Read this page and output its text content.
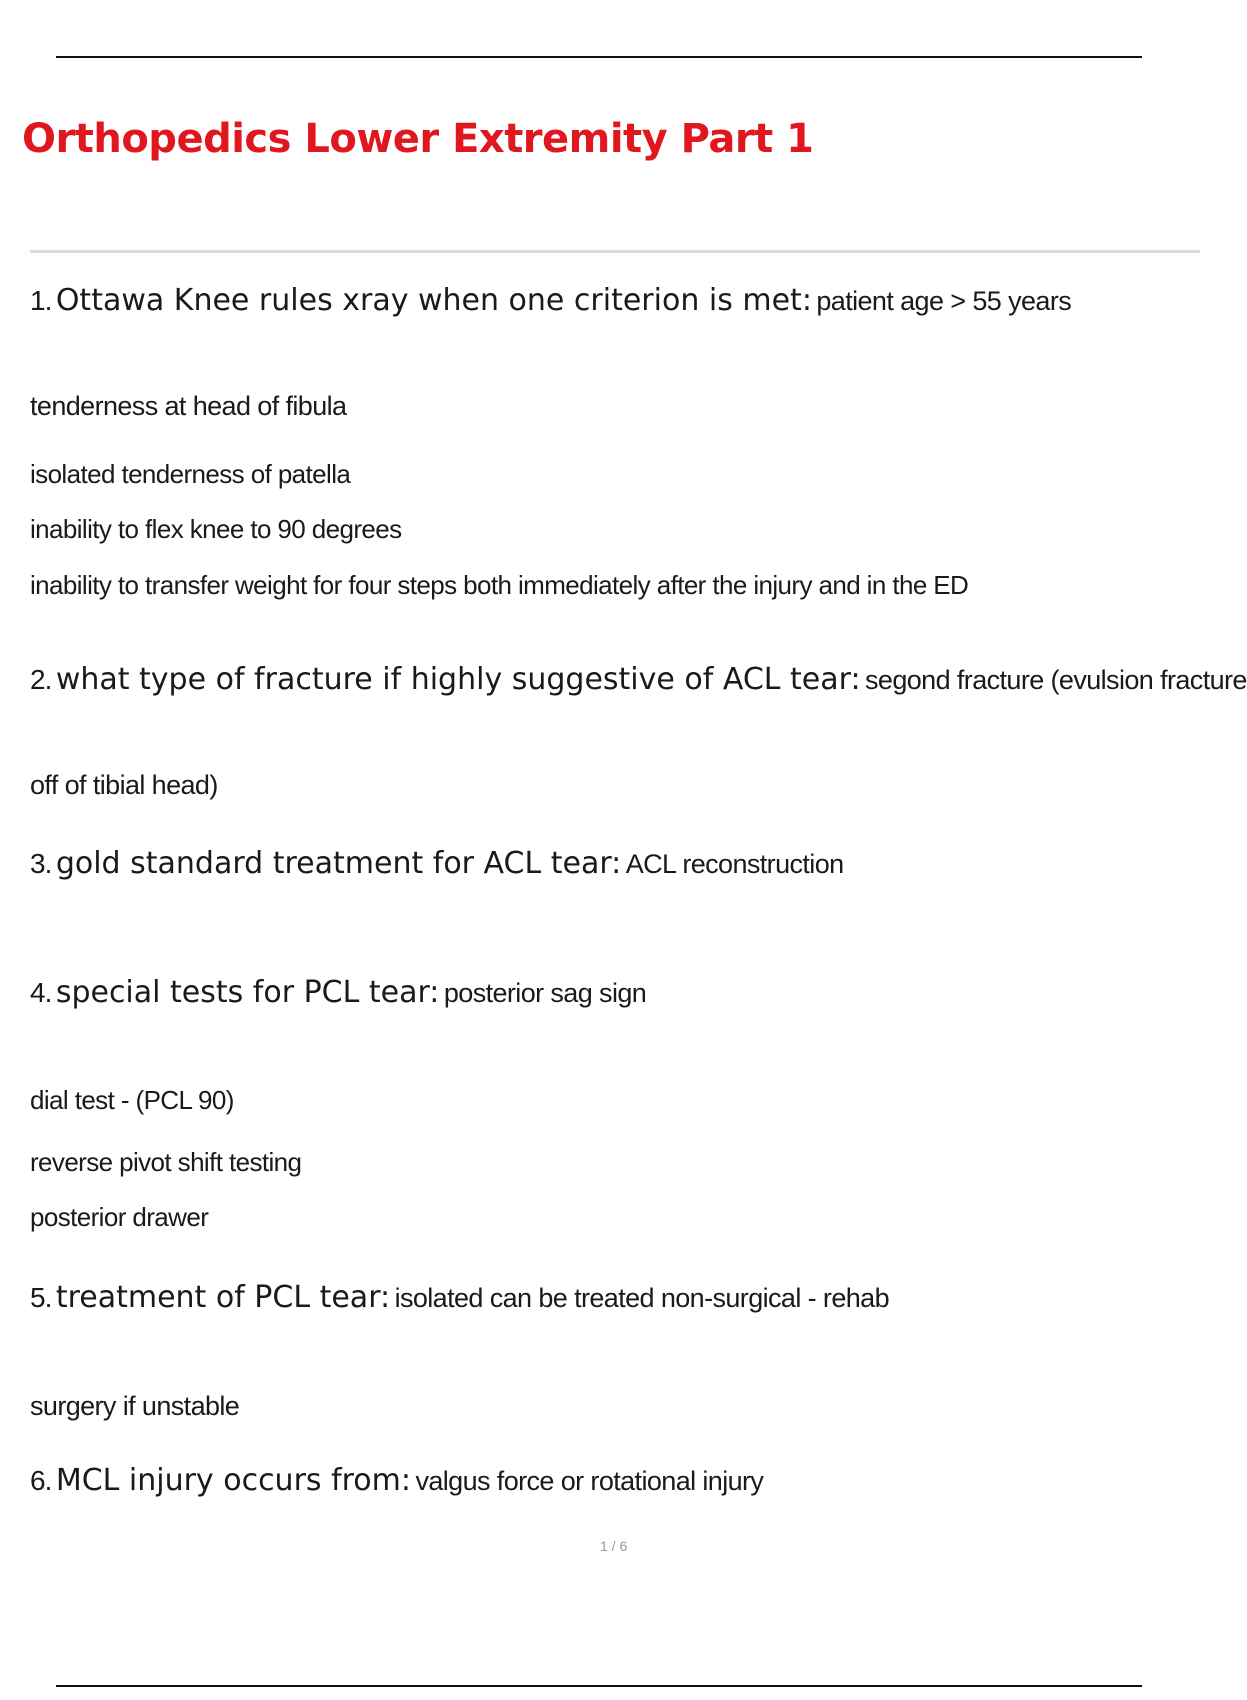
Orthopedics Lower Extremity Part 1
1. Ottawa Knee rules xray when one criterion is met: patient age > 55 years
tenderness at head of fibula
isolated tenderness of patella
inability to flex knee to 90 degrees
inability to transfer weight for four steps both immediately after the injury and in the ED
2. what type of fracture if highly suggestive of ACL tear: segond fracture (evulsion fracture
off of tibial head)
3. gold standard treatment for ACL tear: ACL reconstruction
4. special tests for PCL tear: posterior sag sign
dial test - (PCL 90)
reverse pivot shift testing
posterior drawer
5. treatment of PCL tear: isolated can be treated non-surgical - rehab
surgery if unstable
6. MCL injury occurs from: valgus force or rotational injury
1 / 6
